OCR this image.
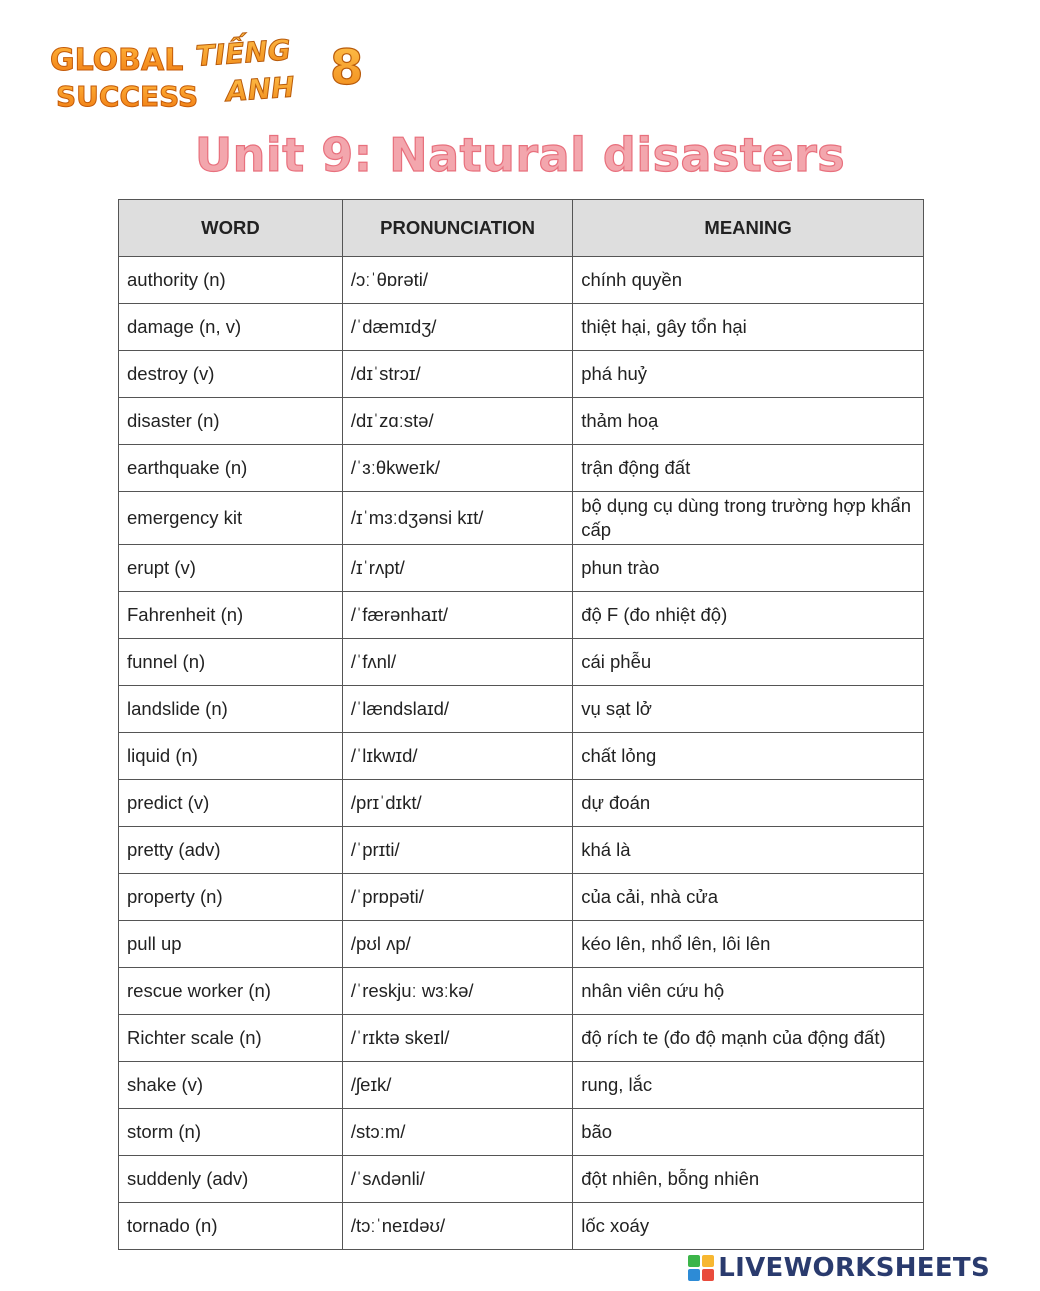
GLOBAL
SUCCESS
TIẾNG
ANH 8
Unit 9: Natural disasters
WORD	PRONUNCIATION	MEANING
authority (n)	/ɔːˈθɒrəti/	chính quyền
damage (n, v)	/ˈdæmɪdʒ/	thiệt hại, gây tổn hại
destroy (v)	/dɪˈstrɔɪ/	phá huỷ
disaster (n)	/dɪˈzɑːstə/	thảm hoạ
earthquake (n)	/ˈɜːθkweɪk/	trận động đất
emergency kit	/ɪˈmɜːdʒənsi kɪt/	bộ dụng cụ dùng trong trường hợp khẩn cấp
erupt (v)	/ɪˈrʌpt/	phun trào
Fahrenheit (n)	/ˈfærənhaɪt/	độ F (đo nhiệt độ)
funnel (n)	/ˈfʌnl/	cái phễu
landslide (n)	/ˈlændslaɪd/	vụ sạt lở
liquid (n)	/ˈlɪkwɪd/	chất lỏng
predict (v)	/prɪˈdɪkt/	dự đoán
pretty (adv)	/ˈprɪti/	khá là
property (n)	/ˈprɒpəti/	của cải, nhà cửa
pull up	/pʊl ʌp/	kéo lên, nhổ lên, lôi lên
rescue worker (n)	/ˈreskjuː wɜːkə/	nhân viên cứu hộ
Richter scale (n)	/ˈrɪktə skeɪl/	độ rích te (đo độ mạnh của động đất)
shake (v)	/ʃeɪk/	rung, lắc
storm (n)	/stɔːm/	bão
suddenly (adv)	/ˈsʌdənli/	đột nhiên, bỗng nhiên
tornado (n)	/tɔːˈneɪdəʊ/	lốc xoáy
LIVEWORKSHEETS
